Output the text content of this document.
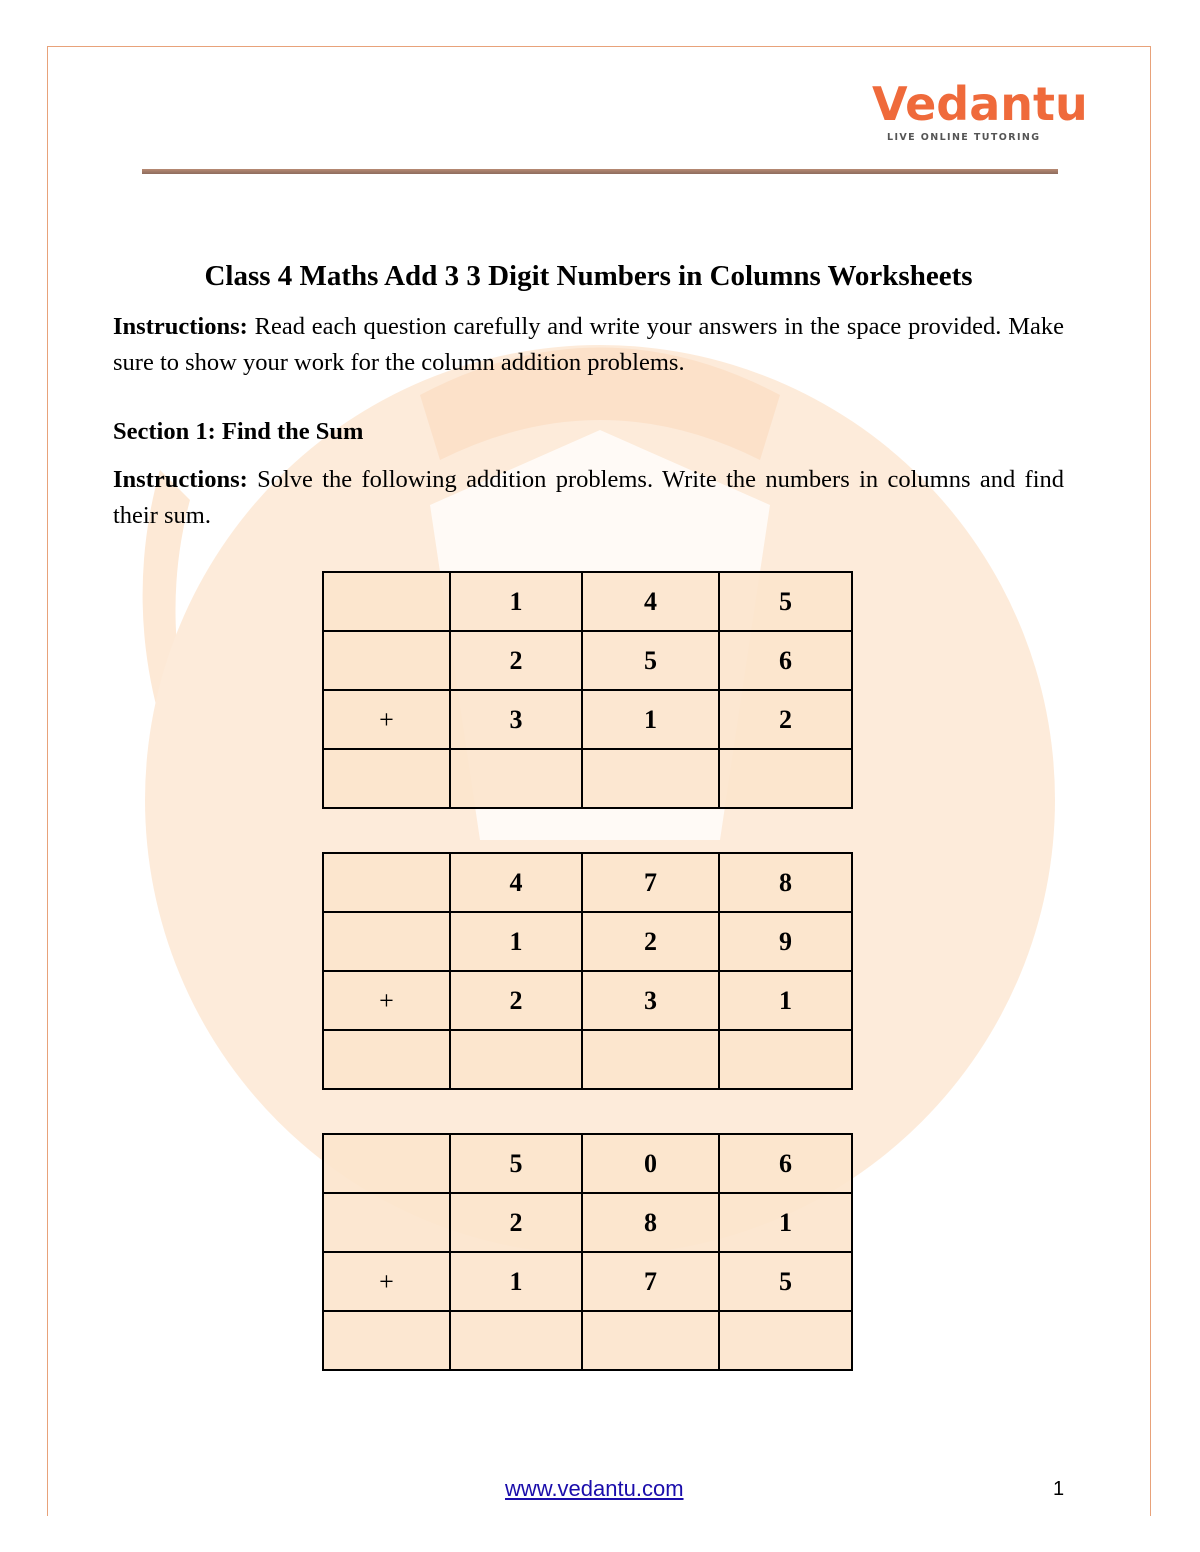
Vedantu
LIVE ONLINE TUTORING
Class 4 Maths Add 3 3 Digit Numbers in Columns Worksheets

Instructions: Read each question carefully and write your answers in the space provided. Make sure to show your work for the column addition problems.

Section 1: Find the Sum

Instructions: Solve the following addition problems. Write the numbers in columns and find their sum.

	1	4	5
	2	5	6
+	3	1	2

	4	7	8
	1	2	9
+	2	3	1

	5	0	6
	2	8	1
+	1	7	5

www.vedantu.com	1
